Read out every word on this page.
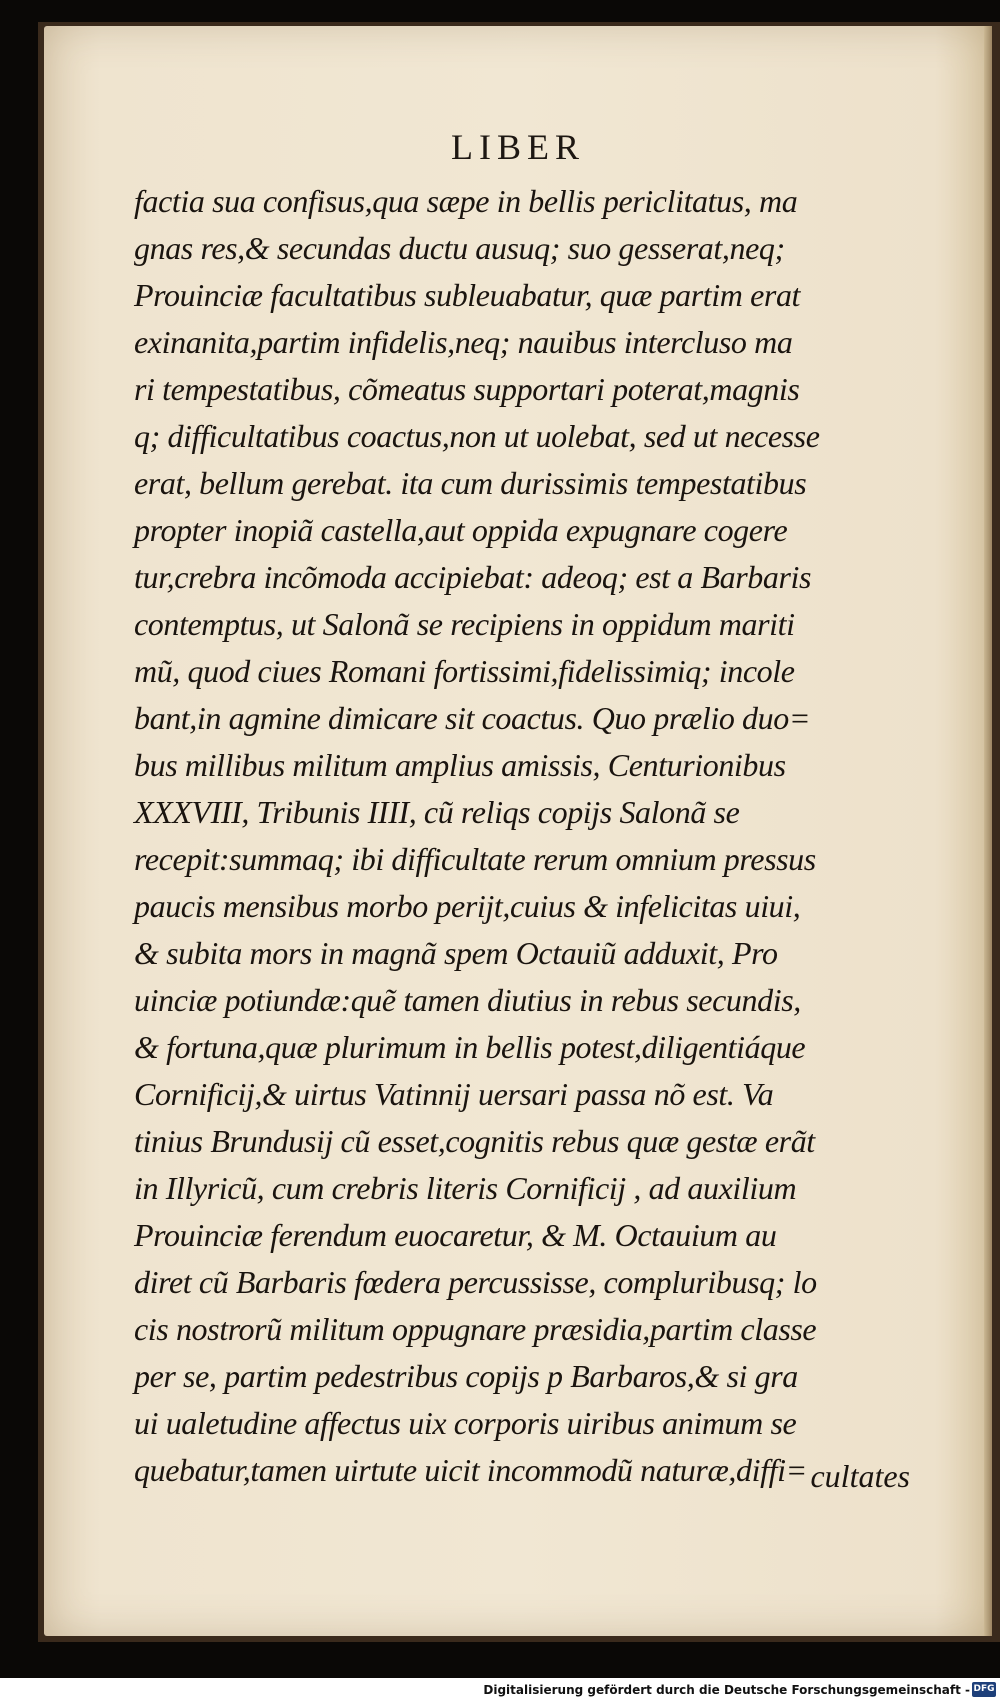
LIBER
factia sua confisus,qua sæpe in bellis periclitatus, ma
gnas res,& secundas ductu ausuq; suo gesserat,neq;
Prouinciæ facultatibus subleuabatur, quæ partim erat
exinanita,partim infidelis,neq; nauibus intercluso ma
ri tempestatibus, cõmeatus supportari poterat,magnis
q; difficultatibus coactus,non ut uolebat, sed ut necesse
erat, bellum gerebat. ita cum durissimis tempestatibus
propter inopiã castella,aut oppida expugnare cogere
tur,crebra incõmoda accipiebat: adeoq; est a Barbaris
contemptus, ut Salonã se recipiens in oppidum mariti
mũ, quod ciues Romani fortissimi,fidelissimiq; incole
bant,in agmine dimicare sit coactus. Quo prælio duo=
bus millibus militum amplius amissis, Centurionibus
XXXVIII, Tribunis IIII, cũ reliqs copijs Salonã se
recepit:summaq; ibi difficultate rerum omnium pressus
paucis mensibus morbo perijt,cuius & infelicitas uiui,
& subita mors in magnã spem Octauiũ adduxit, Pro
uinciæ potiundæ:quẽ tamen diutius in rebus secundis,
& fortuna,quæ plurimum in bellis potest,diligentiáque
Cornificij,& uirtus Vatinnij uersari passa nõ est. Va
tinius Brundusij cũ esset,cognitis rebus quæ gestæ erãt
in Illyricũ, cum crebris literis Cornificij , ad auxilium
Prouinciæ ferendum euocaretur, & M. Octauium au
diret cũ Barbaris fœdera percussisse, compluribusq; lo
cis nostrorũ militum oppugnare præsidia,partim classe
per se, partim pedestribus copijs p Barbaros,& si gra
ui ualetudine affectus uix corporis uiribus animum se
quebatur,tamen uirtute uicit incommodũ naturæ,diffi= cultates
Digitalisierung gefördert durch die Deutsche Forschungsgemeinschaft - DFG
